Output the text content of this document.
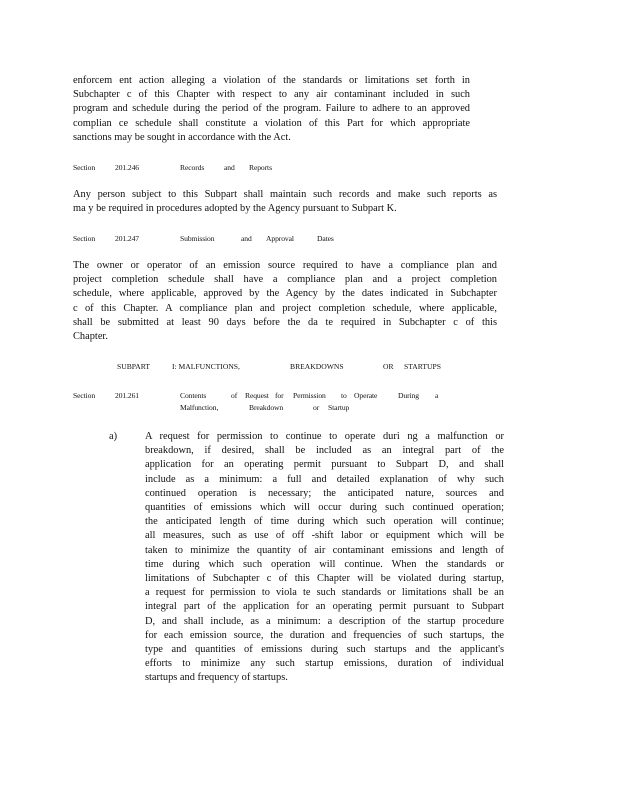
enforcem ent action alleging a violation of the standards or limitations set forth in
Subchapter c of this Chapter with respect to any air contaminant included in such
program and schedule during the period of the program. Failure to adhere to an approved
complian ce schedule shall constitute a violation of this Part for which appropriate
sanctions may be sought in accordance with the Act.
Section	201.246	Records	and Reports
Any person subject to this Subpart shall maintain such records and make such reports as
ma y be required in procedures adopted by the Agency pursuant to Subpart K.
Section	201.247	Submission	and Approval	Dates
The owner or operator of an emission source required to have a compliance plan and
project completion schedule shall have a compliance plan and a project completion
schedule, where applicable, approved by the Agency by the dates indicated in Subchapter
c of this Chapter. A compliance plan and project completion schedule, where applicable,
shall be submitted at least 90 days before the da te required in Subchapter c of this
Chapter.
SUBPART	I: MALFUNCTIONS,	BREAKDOWNS	OR STARTUPS
Section	201.261	Contents	of Request for Permission to Operate	During a
Malfunction,	Breakdown	or Startup
a)	A request for permission to continue to operate duri ng a malfunction or
breakdown, if desired, shall be included as an integral part of the
application for an operating permit pursuant to Subpart D, and shall
include as a minimum: a full and detailed explanation of why such
continued operation is necessary; the anticipated nature, sources and
quantities of emissions which will occur during such continued operation;
the anticipated length of time during which such operation will continue;
all measures, such as use of off -shift labor or equipment which will be
taken to minimize the quantity of air contaminant emissions and length of
time during which such operation will continue. When the standards or
limitations of Subchapter c of this Chapter will be violated during startup,
a request for permission to viola te such standards or limitations shall be an
integral part of the application for an operating permit pursuant to Subpart
D, and shall include, as a minimum: a description of the startup procedure
for each emission source, the duration and frequencies of such startups, the
type and quantities of emissions during such startups and the applicant's
efforts to minimize any such startup emissions, duration of individual
startups and frequency of startups.
